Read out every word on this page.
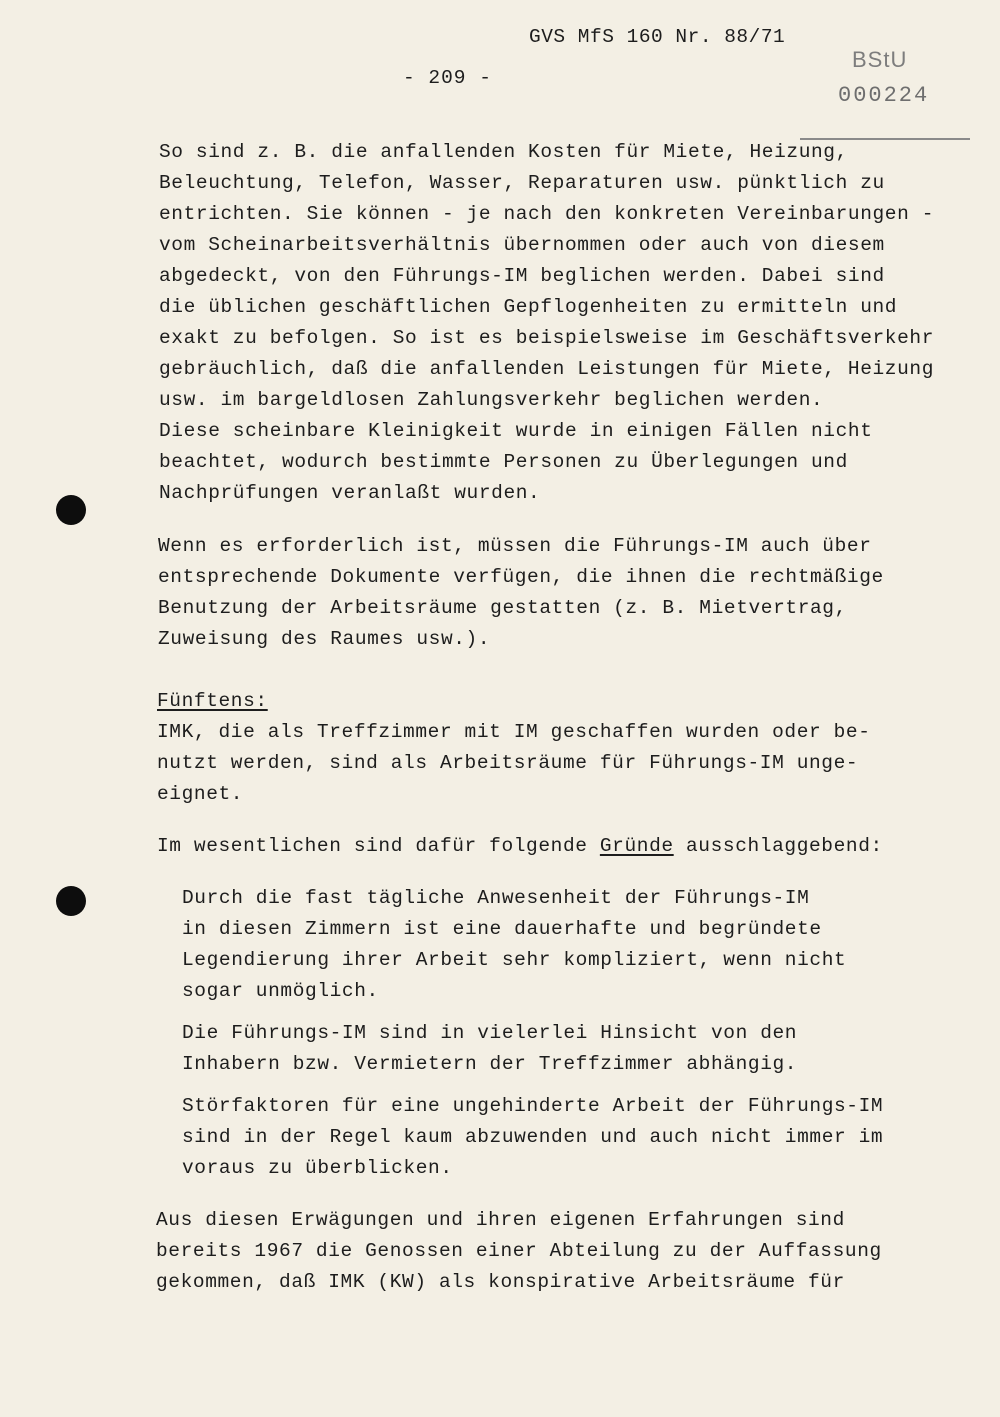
GVS MfS 160 Nr. 88/71
- 209 -
BStU
000224
So sind z. B. die anfallenden Kosten für Miete, Heizung,
Beleuchtung, Telefon, Wasser, Reparaturen usw. pünktlich zu
entrichten. Sie können - je nach den konkreten Vereinbarungen -
vom Scheinarbeitsverhältnis übernommen oder auch von diesem
abgedeckt, von den Führungs-IM beglichen werden. Dabei sind
die üblichen geschäftlichen Gepflogenheiten zu ermitteln und
exakt zu befolgen. So ist es beispielsweise im Geschäftsverkehr
gebräuchlich, daß die anfallenden Leistungen für Miete, Heizung
usw. im bargeldlosen Zahlungsverkehr beglichen werden.
Diese scheinbare Kleinigkeit wurde in einigen Fällen nicht
beachtet, wodurch bestimmte Personen zu Überlegungen und
Nachprüfungen veranlaßt wurden.
Wenn es erforderlich ist, müssen die Führungs-IM auch über
entsprechende Dokumente verfügen, die ihnen die rechtmäßige
Benutzung der Arbeitsräume gestatten (z. B. Mietvertrag,
Zuweisung des Raumes usw.).
Fünftens:
IMK, die als Treffzimmer mit IM geschaffen wurden oder be-
nutzt werden, sind als Arbeitsräume für Führungs-IM unge-
eignet.
Im wesentlichen sind dafür folgende Gründe ausschlaggebend:
Durch die fast tägliche Anwesenheit der Führungs-IM
in diesen Zimmern ist eine dauerhafte und begründete
Legendierung ihrer Arbeit sehr kompliziert, wenn nicht
sogar unmöglich.
Die Führungs-IM sind in vielerlei Hinsicht von den
Inhabern bzw. Vermietern der Treffzimmer abhängig.
Störfaktoren für eine ungehinderte Arbeit der Führungs-IM
sind in der Regel kaum abzuwenden und auch nicht immer im
voraus zu überblicken.
Aus diesen Erwägungen und ihren eigenen Erfahrungen sind
bereits 1967 die Genossen einer Abteilung zu der Auffassung
gekommen, daß IMK (KW) als konspirative Arbeitsräume für
